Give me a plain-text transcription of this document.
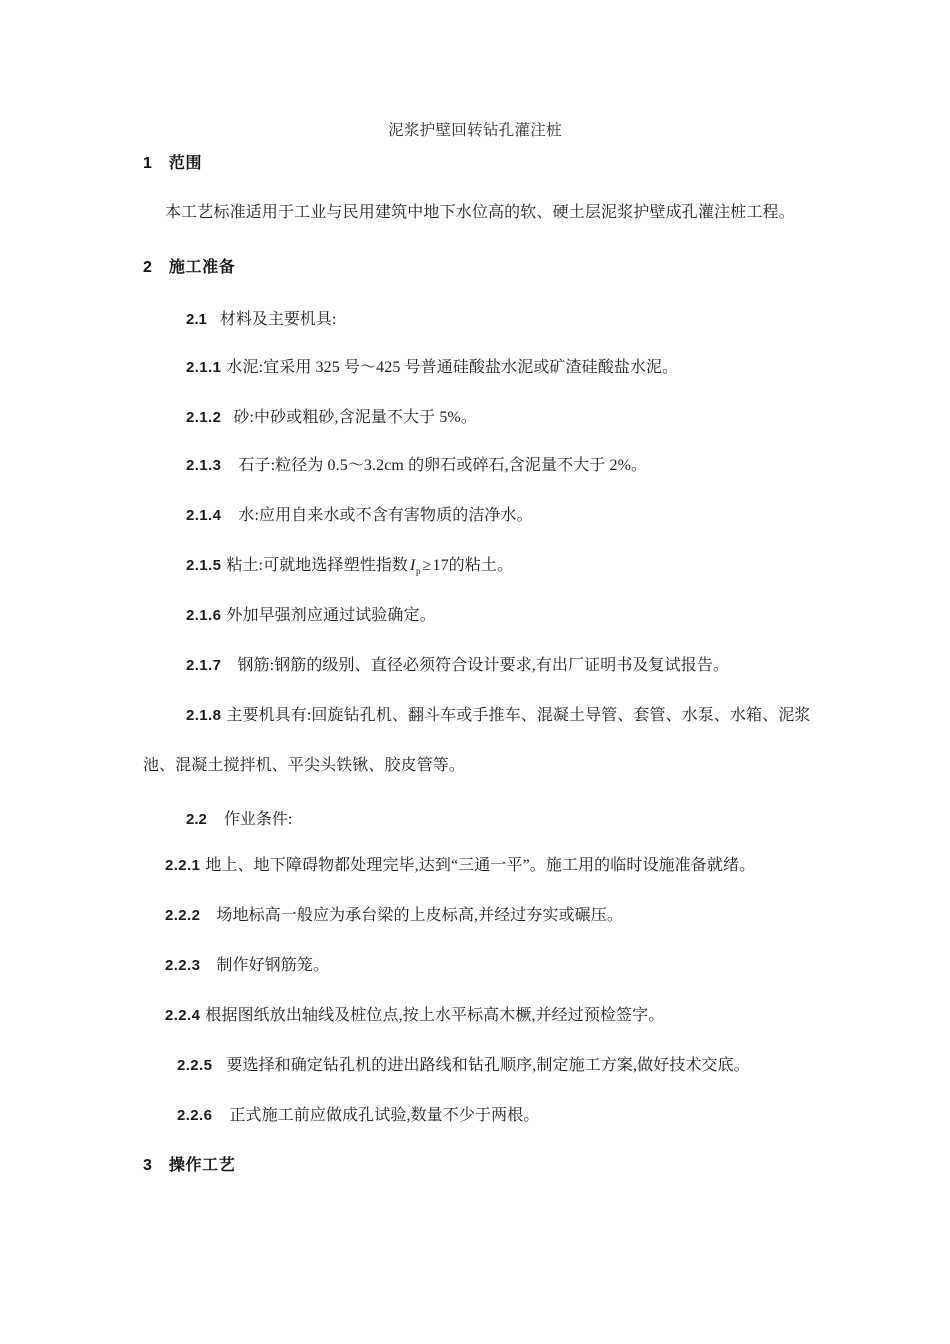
泥浆护壁回转钻孔灌注桩
1 范围
本工艺标准适用于工业与民用建筑中地下水位高的软、硬土层泥浆护壁成孔灌注桩工程。
2 施工准备
2.1 材料及主要机具:
2.1.1 水泥:宜采用 325 号～425 号普通硅酸盐水泥或矿渣硅酸盐水泥。
2.1.2 砂:中砂或粗砂,含泥量不大于 5%。
2.1.3 石子:粒径为 0.5～3.2cm 的卵石或碎石,含泥量不大于 2%。
2.1.4 水:应用自来水或不含有害物质的洁净水。
2.1.5 粘土:可就地选择塑性指数 $I_p \ge 17$的粘土。
2.1.6 外加早强剂应通过试验确定。
2.1.7 钢筋:钢筋的级别、直径必须符合设计要求,有出厂证明书及复试报告。
2.1.8 主要机具有:回旋钻孔机、翻斗车或手推车、混凝土导管、套管、水泵、水箱、泥浆
池、混凝土搅拌机、平尖头铁锹、胶皮管等。
2.2 作业条件:
2.2.1 地上、地下障碍物都处理完毕,达到“三通一平”。施工用的临时设施准备就绪。
2.2.2 场地标高一般应为承台梁的上皮标高,并经过夯实或碾压。
2.2.3 制作好钢筋笼。
2.2.4 根据图纸放出轴线及桩位点,按上水平标高木橛,并经过预检签字。
2.2.5 要选择和确定钻孔机的进出路线和钻孔顺序,制定施工方案,做好技术交底。
2.2.6 正式施工前应做成孔试验,数量不少于两根。
3 操作工艺
